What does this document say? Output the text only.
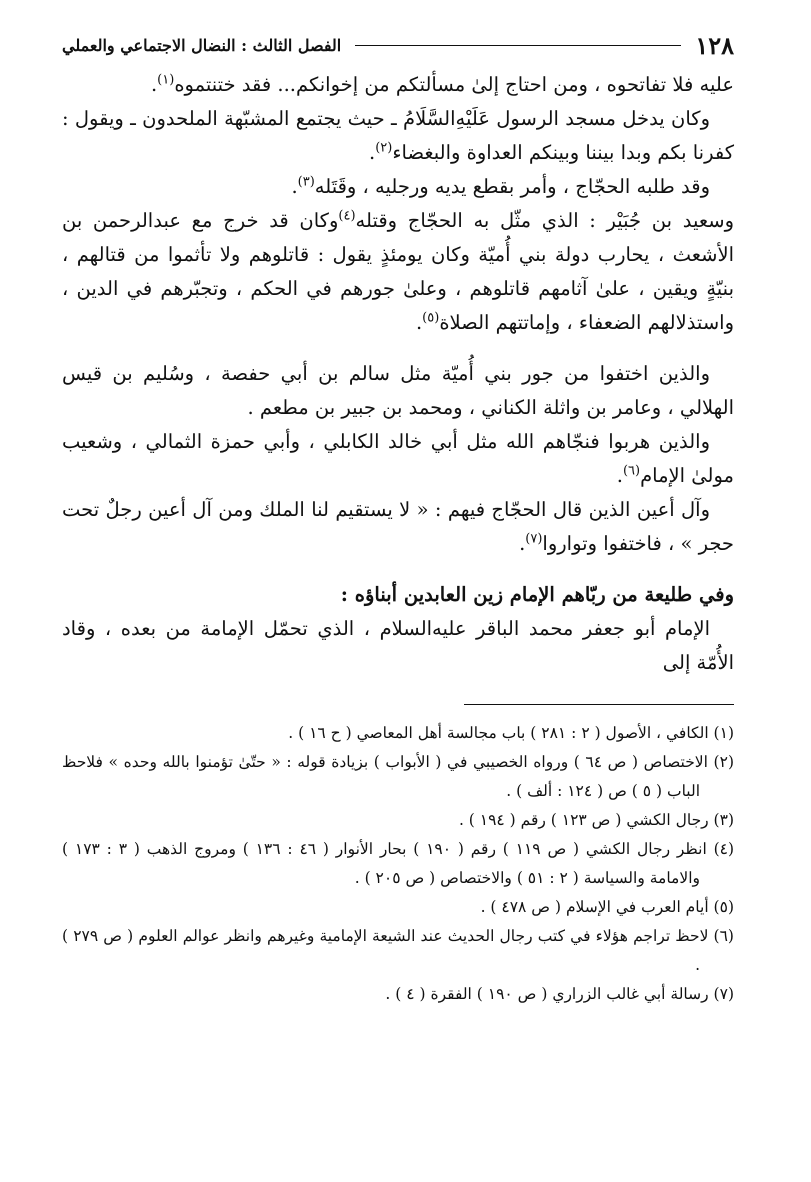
١٢٨
الفصل الثالث : النضال الاجتماعي والعملي

عليه فلا تفاتحوه ، ومن احتاج إلىٰ مسألتكم من إخوانكم... فقد ختنتموه$^{(١)}$.

وكان يدخل مسجد الرسول عَلَيْهِ‌السَّلَامُ ـ حيث يجتمع المشبّهة الملحدون ـ ويقول : كفرنا بكم وبدا بيننا وبينكم العداوة والبغضاء$^{(٢)}$.

وقد طلبه الحجّاج ، وأمر بقطع يديه ورجليه ، وقَتَله$^{(٣)}$.

وسعيد بن جُبَيْر : الذي مثّل به الحجّاج وقتله$^{(٤)}$وكان قد خرج مع عبدالرحمن بن الأشعث ، يحارب دولة بني أُميّة وكان يومئذٍ يقول : قاتلوهم ولا تأثموا من قتالهم ، بنيّةٍ ويقين ، علىٰ آثامهم قاتلوهم ، وعلىٰ جورهم في الحكم ، وتجبّرهم في الدين ، واستذلالهم الضعفاء ، وإماتتهم الصلاة$^{(٥)}$.

والذين اختفوا من جور بني أُميّة مثل سالم بن أبي حفصة ، وسُليم بن قيس الهلالي ، وعامر بن واثلة الكناني ، ومحمد بن جبير بن مطعم .

والذين هربوا فنجّاهم الله مثل أبي خالد الكابلي ، وأبي حمزة الثمالي ، وشعيب مولىٰ الإمام$^{(٦)}$.

وآل أعين الذين قال الحجّاج فيهم : « لا يستقيم لنا الملك ومن آل أعين رجلٌ تحت حجر » ، فاختفوا وتواروا$^{(٧)}$.

وفي طليعة من ربّاهم الإمام زين العابدين أبناؤه :

الإمام أبو جعفر محمد الباقر عليه‌السلام ، الذي تحمّل الإمامة من بعده ، وقاد الأُمّة إلى

(١) الكافي ، الأصول ( ٢ : ٢٨١ ) باب مجالسة أهل المعاصي ( ح ١٦ ) .

(٢) الاختصاص ( ص ٦٤ ) ورواه الخصيبي في ( الأبواب ) بزيادة قوله : « حتّىٰ تؤمنوا بالله وحده » فلاحظ الباب ( ٥ ) ص ( ١٢٤ : ألف ) .

(٣) رجال الكشي ( ص ١٢٣ ) رقم ( ١٩٤ ) .

(٤) انظر رجال الكشي ( ص ١١٩ ) رقم ( ١٩٠ ) بحار الأنوار ( ٤٦ : ١٣٦ ) ومروج الذهب ( ٣ : ١٧٣ ) والامامة والسياسة ( ٢ : ٥١ ) والاختصاص ( ص ٢٠٥ ) .

(٥) أيام العرب في الإسلام ( ص ٤٧٨ ) .

(٦) لاحظ تراجم هؤلاء في كتب رجال الحديث عند الشيعة الإمامية وغيرهم وانظر عوالم العلوم ( ص ٢٧٩ ) .

(٧) رسالة أبي غالب الزراري ( ص ١٩٠ ) الفقرة ( ٤ ) .
